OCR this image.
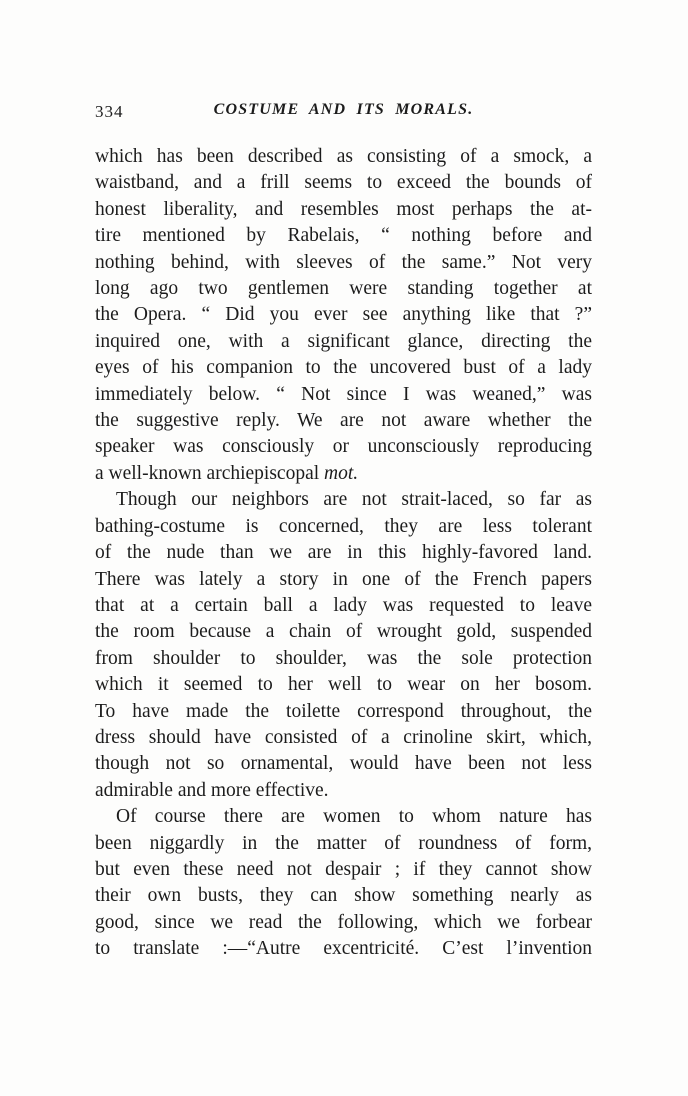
334	COSTUME AND ITS MORALS.
which has been described as consisting of a smock, a
waistband, and a frill seems to exceed the bounds of
honest liberality, and resembles most perhaps the at-
tire mentioned by Rabelais, “ nothing before and
nothing behind, with sleeves of the same.” Not very
long ago two gentlemen were standing together at
the Opera. “ Did you ever see anything like that ?”
inquired one, with a significant glance, directing the
eyes of his companion to the uncovered bust of a lady
immediately below. “ Not since I was weaned,” was
the suggestive reply. We are not aware whether the
speaker was consciously or unconsciously reproducing
a well-known archiepiscopal mot.
Though our neighbors are not strait-laced, so far as
bathing-costume is concerned, they are less tolerant
of the nude than we are in this highly-favored land.
There was lately a story in one of the French papers
that at a certain ball a lady was requested to leave
the room because a chain of wrought gold, suspended
from shoulder to shoulder, was the sole protection
which it seemed to her well to wear on her bosom.
To have made the toilette correspond throughout, the
dress should have consisted of a crinoline skirt, which,
though not so ornamental, would have been not less
admirable and more effective.
Of course there are women to whom nature has
been niggardly in the matter of roundness of form,
but even these need not despair ; if they cannot show
their own busts, they can show something nearly as
good, since we read the following, which we forbear
to translate :—“Autre excentricité. C’est l’invention
